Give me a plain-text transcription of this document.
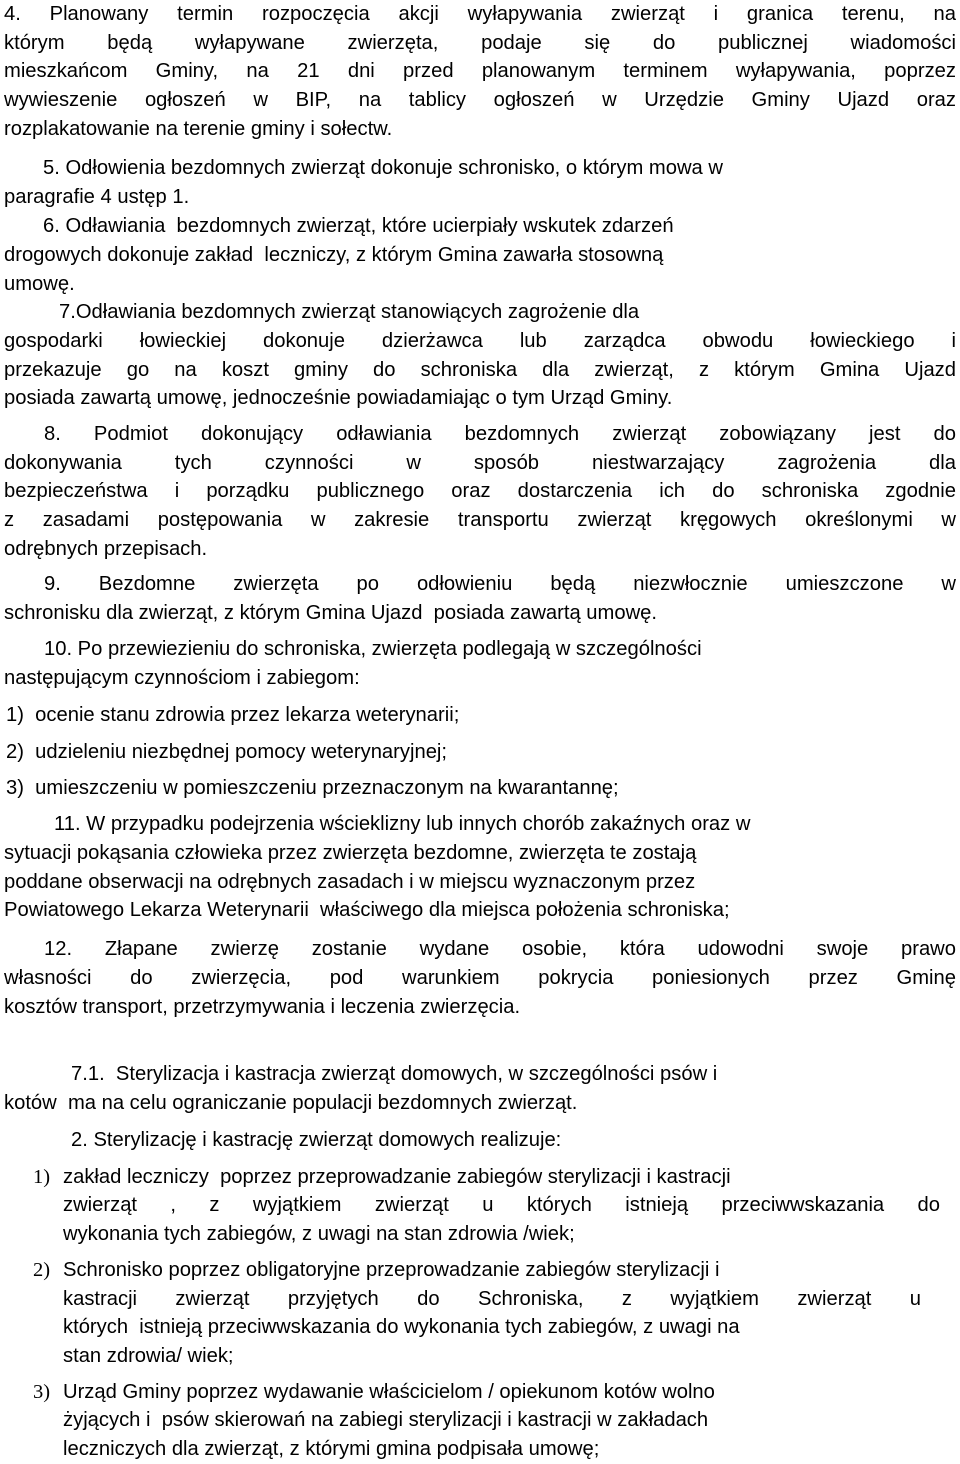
4. Planowany termin rozpoczęcia akcji wyłapywania zwierząt i granica terenu, na
którym będą wyłapywane zwierzęta, podaje się do publicznej wiadomości
mieszkańcom Gminy, na 21 dni przed planowanym terminem wyłapywania, poprzez
wywieszenie ogłoszeń w BIP, na tablicy ogłoszeń w Urzędzie Gminy Ujazd oraz
rozplakatowanie na terenie gminy i sołectw.
5. Odłowienia bezdomnych zwierząt dokonuje schronisko, o którym mowa w
paragrafie 4 ustęp 1.
6. Odławiania  bezdomnych zwierząt, które ucierpiały wskutek zdarzeń
drogowych dokonuje zakład  leczniczy, z którym Gmina zawarła stosowną
umowę.
7.Odławiania bezdomnych zwierząt stanowiących zagrożenie dla
gospodarki łowieckiej dokonuje dzierżawca lub zarządca obwodu łowieckiego i
przekazuje go na koszt gminy do schroniska dla zwierząt, z którym Gmina Ujazd
posiada zawartą umowę, jednocześnie powiadamiając o tym Urząd Gminy.
8. Podmiot dokonujący odławiania bezdomnych zwierząt zobowiązany jest do
dokonywania tych czynności w sposób niestwarzający zagrożenia dla
bezpieczeństwa i porządku publicznego oraz dostarczenia ich do schroniska zgodnie
z zasadami postępowania w zakresie transportu zwierząt kręgowych określonymi w
odrębnych przepisach.
9. Bezdomne zwierzęta po odłowieniu będą niezwłocznie umieszczone w
schronisku dla zwierząt, z którym Gmina Ujazd  posiada zawartą umowę.
10. Po przewieziеniu do schroniska, zwierzęta podlegają w szczególności
następującym czynnościom i zabiegom:
1)  ocenie stanu zdrowia przez lekarza weterynarii;
2)  udzieleniu niezbędnej pomocy weterynaryjnej;
3)  umieszczeniu w pomieszczeniu przeznaczonym na kwarantannę;
11. W przypadku podejrzenia wścieklizny lub innych chorób zakaźnych oraz w
sytuacji pokąsania człowieka przez zwierzęta bezdomne, zwierzęta te zostają
poddane obserwacji na odrębnych zasadach i w miejscu wyznaczonym przez
Powiatowego Lekarza Weterynarii  właściwego dla miejsca położenia schroniska;
12. Złapane zwierzę zostanie wydane osobie, która udowodni swoje prawo
własności do zwierzęcia, pod warunkiem pokrycia poniesionych przez Gminę
kosztów transport, przetrzymywania i leczenia zwierzęcia.
7.1.  Sterylizacja i kastracja zwierząt domowych, w szczególności psów i
kotów  ma na celu ograniczanie populacji bezdomnych zwierząt.
2. Sterylizację i kastrację zwierząt domowych realizuje:
1) zakład leczniczy  poprzez przeprowadzanie zabiegów sterylizacji i kastracji
zwierząt , z wyjątkiem zwierząt u których istnieją przeciwwskazania do
wykonania tych zabiegów, z uwagi na stan zdrowia /wiek;
2) Schronisko poprzez obligatoryjne przeprowadzanie zabiegów sterylizacji i
kastracji zwierząt przyjętych do Schroniska, z wyjątkiem zwierząt u
których  istnieją przeciwwskazania do wykonania tych zabiegów, z uwagi na
stan zdrowia/ wiek;
3) Urząd Gminy poprzez wydawanie właścicielom / opiekunom kotów wolno
żyjących i  psów skierowań na zabiegi sterylizacji i kastracji w zakładach
leczniczych dla zwierząt, z którymi gmina podpisała umowę;
